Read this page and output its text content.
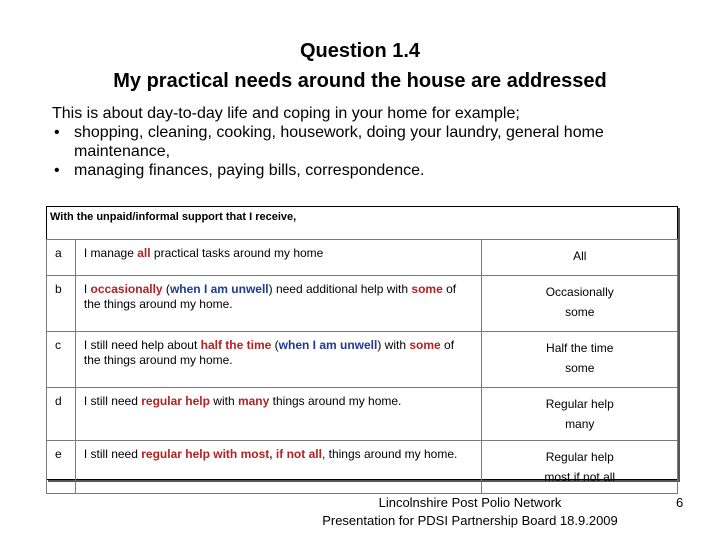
Question 1.4
My practical needs around the house are addressed
This is about day-to-day life and coping in your home for example;
• shopping, cleaning, cooking, housework, doing your laundry, general home maintenance,
• managing finances, paying bills, correspondence.
With the unpaid/informal support that I receive,
a	I manage all practical tasks around my home	All

b	I occasionally (when I am unwell) need additional help with some of the things around my home.	Occasionally
some

c	I still need help about half the time (when I am unwell) with some of the things around my home.	Half the time
some

d	I still need regular help with many things around my home.	Regular help
many

e	I still need regular help with most, if not all, things around my home.	Regular help
most if not all
Lincolnshire Post Polio Network
Presentation for PDSI Partnership Board 18.9.2009
6
